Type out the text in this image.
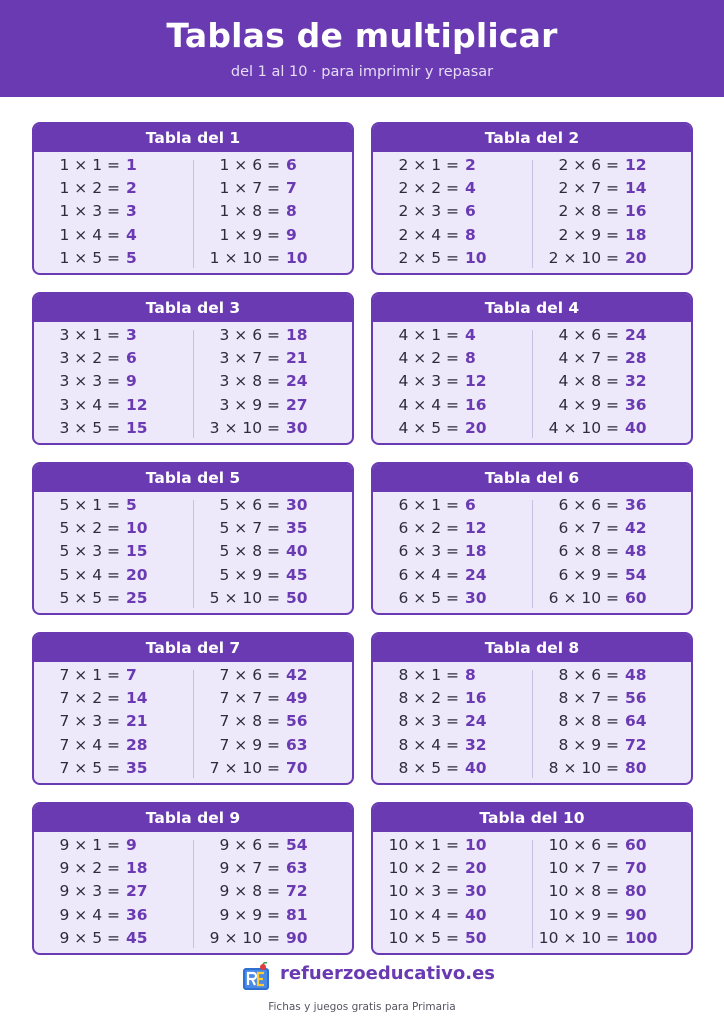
Tablas de multiplicar
del 1 al 10 · para imprimir y repasar
Tabla del 1
1 × 1 = 1
1 × 2 = 2
1 × 3 = 3
1 × 4 = 4
1 × 5 = 5
1 × 6 = 6
1 × 7 = 7
1 × 8 = 8
1 × 9 = 9
1 × 10 = 10
Tabla del 2
2 × 1 = 2
2 × 2 = 4
2 × 3 = 6
2 × 4 = 8
2 × 5 = 10
2 × 6 = 12
2 × 7 = 14
2 × 8 = 16
2 × 9 = 18
2 × 10 = 20
Tabla del 3
3 × 1 = 3
3 × 2 = 6
3 × 3 = 9
3 × 4 = 12
3 × 5 = 15
3 × 6 = 18
3 × 7 = 21
3 × 8 = 24
3 × 9 = 27
3 × 10 = 30
Tabla del 4
4 × 1 = 4
4 × 2 = 8
4 × 3 = 12
4 × 4 = 16
4 × 5 = 20
4 × 6 = 24
4 × 7 = 28
4 × 8 = 32
4 × 9 = 36
4 × 10 = 40
Tabla del 5
5 × 1 = 5
5 × 2 = 10
5 × 3 = 15
5 × 4 = 20
5 × 5 = 25
5 × 6 = 30
5 × 7 = 35
5 × 8 = 40
5 × 9 = 45
5 × 10 = 50
Tabla del 6
6 × 1 = 6
6 × 2 = 12
6 × 3 = 18
6 × 4 = 24
6 × 5 = 30
6 × 6 = 36
6 × 7 = 42
6 × 8 = 48
6 × 9 = 54
6 × 10 = 60
Tabla del 7
7 × 1 = 7
7 × 2 = 14
7 × 3 = 21
7 × 4 = 28
7 × 5 = 35
7 × 6 = 42
7 × 7 = 49
7 × 8 = 56
7 × 9 = 63
7 × 10 = 70
Tabla del 8
8 × 1 = 8
8 × 2 = 16
8 × 3 = 24
8 × 4 = 32
8 × 5 = 40
8 × 6 = 48
8 × 7 = 56
8 × 8 = 64
8 × 9 = 72
8 × 10 = 80
Tabla del 9
9 × 1 = 9
9 × 2 = 18
9 × 3 = 27
9 × 4 = 36
9 × 5 = 45
9 × 6 = 54
9 × 7 = 63
9 × 8 = 72
9 × 9 = 81
9 × 10 = 90
Tabla del 10
10 × 1 = 10
10 × 2 = 20
10 × 3 = 30
10 × 4 = 40
10 × 5 = 50
10 × 6 = 60
10 × 7 = 70
10 × 8 = 80
10 × 9 = 90
10 × 10 = 100
refuerzoeducativo.es
Fichas y juegos gratis para Primaria
